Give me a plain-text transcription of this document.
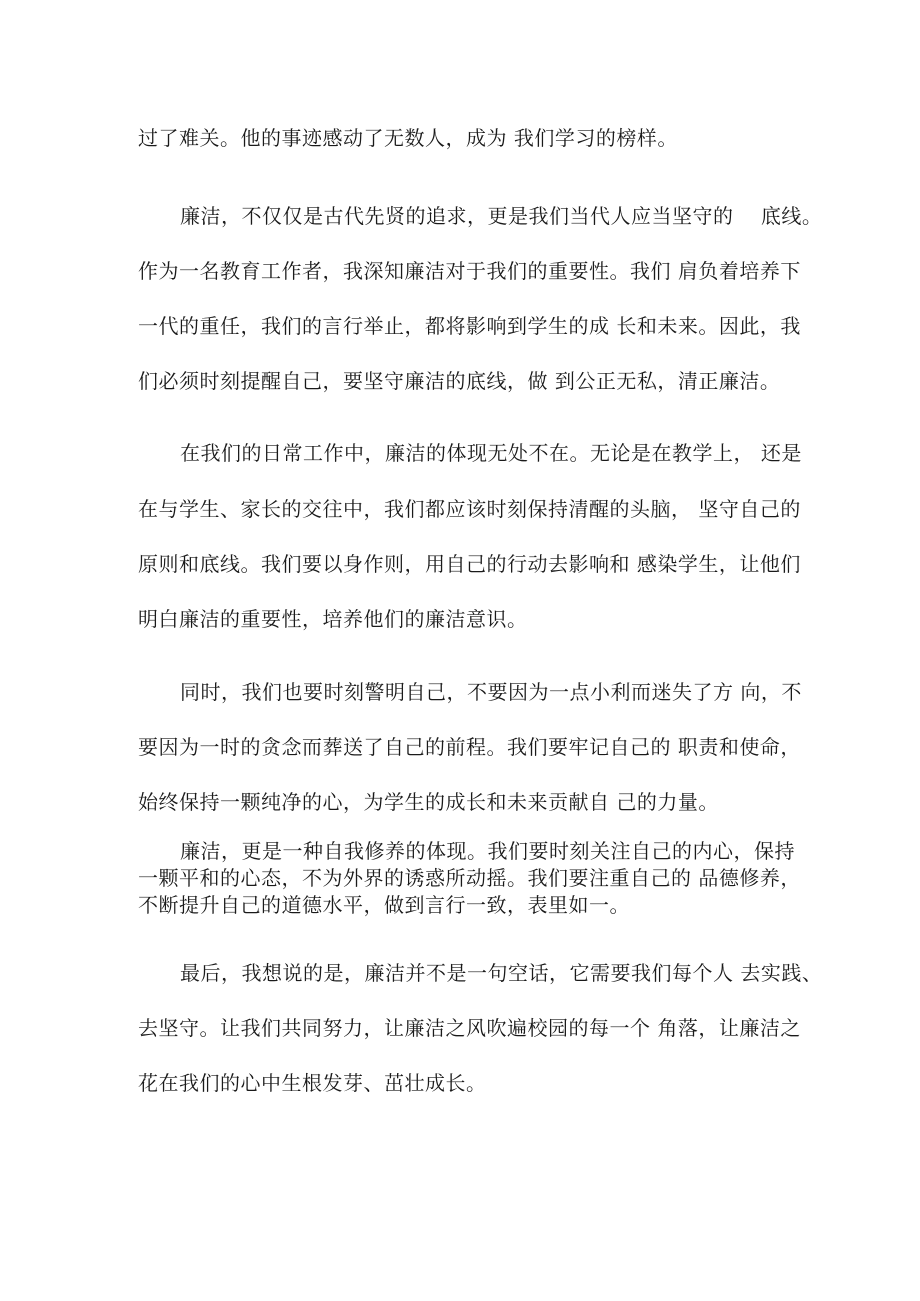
过了难关。他的事迹感动了无数人，成为 我们学习的榜样。
廉洁，不仅仅是古代先贤的追求，更是我们当代人应当坚守的    底线。
作为一名教育工作者，我深知廉洁对于我们的重要性。我们 肩负着培养下
一代的重任，我们的言行举止，都将影响到学生的成 长和未来。因此，我
们必须时刻提醒自己，要坚守廉洁的底线，做 到公正无私，清正廉洁。
在我们的日常工作中，廉洁的体现无处不在。无论是在教学上， 还是
在与学生、家长的交往中，我们都应该时刻保持清醒的头脑， 坚守自己的
原则和底线。我们要以身作则，用自己的行动去影响和 感染学生，让他们
明白廉洁的重要性，培养他们的廉洁意识。
同时，我们也要时刻警明自己，不要因为一点小利而迷失了方 向，不
要因为一时的贪念而葬送了自己的前程。我们要牢记自己的 职责和使命，
始终保持一颗纯净的心，为学生的成长和未来贡献自 己的力量。
廉洁，更是一种自我修养的体现。我们要时刻关注自己的内心，保持
一颗平和的心态，不为外界的诱惑所动摇。我们要注重自己的 品德修养，
不断提升自己的道德水平，做到言行一致，表里如一。
最后，我想说的是，廉洁并不是一句空话，它需要我们每个人 去实践、
去坚守。让我们共同努力，让廉洁之风吹遍校园的每一个 角落，让廉洁之
花在我们的心中生根发芽、茁壮成长。
